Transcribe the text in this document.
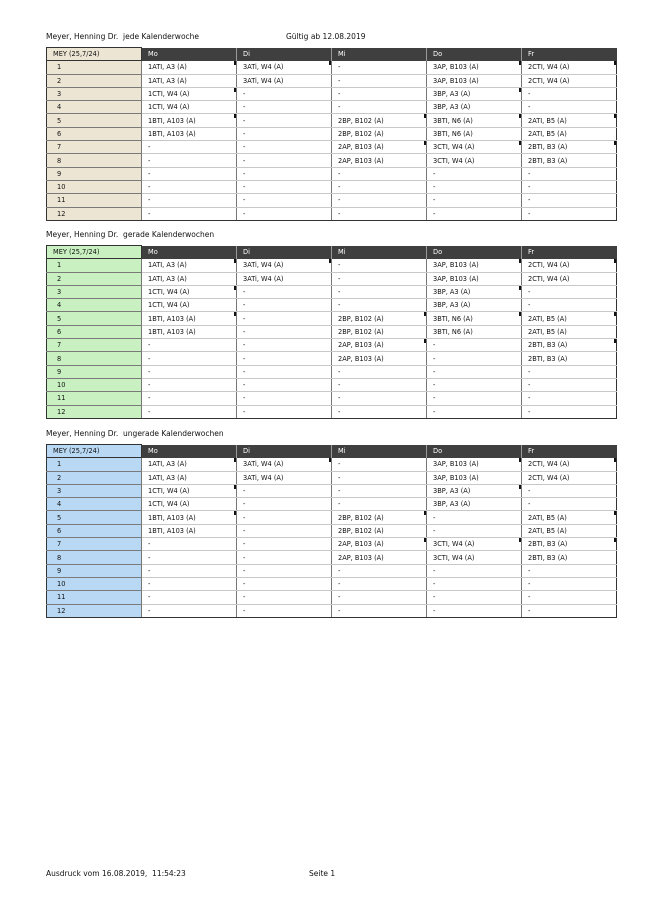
Meyer, Henning Dr.  jede Kalenderwoche	Gültig ab 12.08.2019
MEY (25,7/24)	Mo	Di	Mi	Do	Fr
1	1ATI, A3 (A)	3ATi, W4 (A)	-	3AP, B103 (A)	2CTI, W4 (A)
2	1ATI, A3 (A)	3ATi, W4 (A)	-	3AP, B103 (A)	2CTI, W4 (A)
3	1CTI, W4 (A)	-	-	3BP, A3 (A)	-
4	1CTI, W4 (A)	-	-	3BP, A3 (A)	-
5	1BTI, A103 (A)	-	2BP, B102 (A)	3BTI, N6 (A)	2ATI, B5 (A)
6	1BTI, A103 (A)	-	2BP, B102 (A)	3BTI, N6 (A)	2ATI, B5 (A)
7	-	-	2AP, B103 (A)	3CTI, W4 (A)	2BTI, B3 (A)
8	-	-	2AP, B103 (A)	3CTI, W4 (A)	2BTI, B3 (A)
9	-	-	-	-	-
10	-	-	-	-	-
11	-	-	-	-	-
12	-	-	-	-	-
Meyer, Henning Dr.  gerade Kalenderwochen
MEY (25,7/24)	Mo	Di	Mi	Do	Fr
1	1ATI, A3 (A)	3ATi, W4 (A)	-	3AP, B103 (A)	2CTI, W4 (A)
2	1ATI, A3 (A)	3ATi, W4 (A)	-	3AP, B103 (A)	2CTI, W4 (A)
3	1CTI, W4 (A)	-	-	3BP, A3 (A)	-
4	1CTI, W4 (A)	-	-	3BP, A3 (A)	-
5	1BTI, A103 (A)	-	2BP, B102 (A)	3BTI, N6 (A)	2ATI, B5 (A)
6	1BTI, A103 (A)	-	2BP, B102 (A)	3BTI, N6 (A)	2ATI, B5 (A)
7	-	-	2AP, B103 (A)	-	2BTI, B3 (A)
8	-	-	2AP, B103 (A)	-	2BTI, B3 (A)
9	-	-	-	-	-
10	-	-	-	-	-
11	-	-	-	-	-
12	-	-	-	-	-
Meyer, Henning Dr.  ungerade Kalenderwochen
MEY (25,7/24)	Mo	Di	Mi	Do	Fr
1	1ATI, A3 (A)	3ATi, W4 (A)	-	3AP, B103 (A)	2CTI, W4 (A)
2	1ATI, A3 (A)	3ATi, W4 (A)	-	3AP, B103 (A)	2CTI, W4 (A)
3	1CTI, W4 (A)	-	-	3BP, A3 (A)	-
4	1CTI, W4 (A)	-	-	3BP, A3 (A)	-
5	1BTI, A103 (A)	-	2BP, B102 (A)	-	2ATI, B5 (A)
6	1BTI, A103 (A)	-	2BP, B102 (A)	-	2ATI, B5 (A)
7	-	-	2AP, B103 (A)	3CTI, W4 (A)	2BTI, B3 (A)
8	-	-	2AP, B103 (A)	3CTI, W4 (A)	2BTI, B3 (A)
9	-	-	-	-	-
10	-	-	-	-	-
11	-	-	-	-	-
12	-	-	-	-	-
Ausdruck vom 16.08.2019,  11:54:23	Seite 1
